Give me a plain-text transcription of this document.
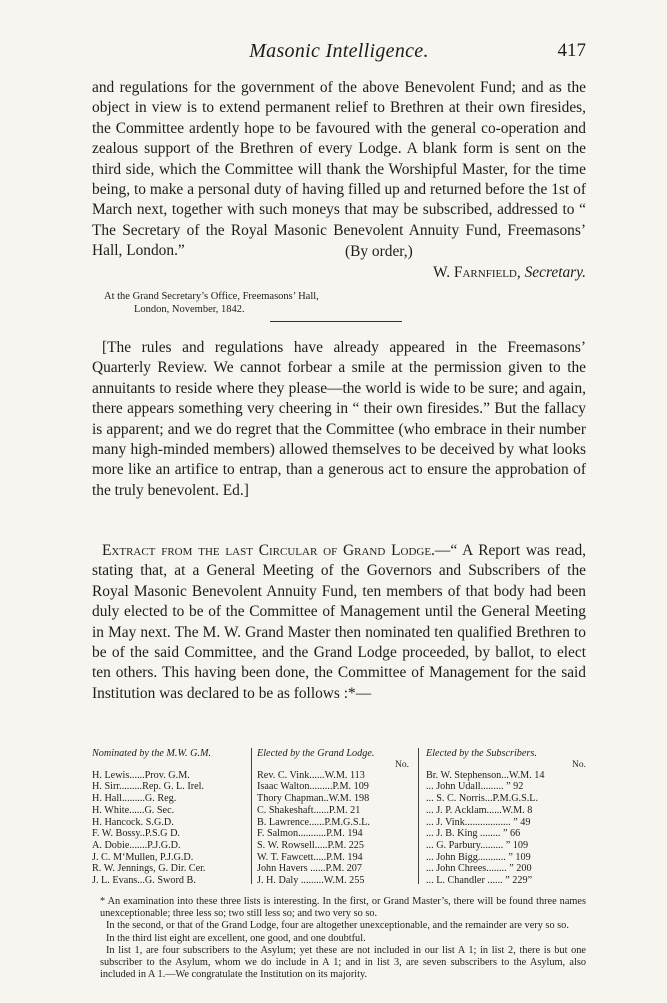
Masonic Intelligence.	417

and regulations for the government of the above Benevolent Fund; and as the object in view is to extend permanent relief to Brethren at their own firesides, the Committee ardently hope to be favoured with the general co-operation and zealous support of the Brethren of every Lodge. A blank form is sent on the third side, which the Committee will thank the Worshipful Master, for the time being, to make a personal duty of having filled up and returned before the 1st of March next, together with such moneys that may be subscribed, addressed to “ The Secretary of the Royal Masonic Benevolent Annuity Fund, Freemasons’ Hall, London.”	(By order,)
W. Farnfield, Secretary.
At the Grand Secretary’s Office, Freemasons’ Hall,
London, November, 1842.

[The rules and regulations have already appeared in the Freemasons’ Quarterly Review. We cannot forbear a smile at the permission given to the annuitants to reside where they please—the world is wide to be sure; and again, there appears something very cheering in “ their own firesides.” But the fallacy is apparent; and we do regret that the Committee (who embrace in their number many high-minded members) allowed themselves to be deceived by what looks more like an artifice to entrap, than a generous act to ensure the approbation of the truly benevolent. Ed.]

Extract from the last Circular of Grand Lodge.—“ A Report was read, stating that, at a General Meeting of the Governors and Subscribers of the Royal Masonic Benevolent Annuity Fund, ten members of that body had been duly elected to be of the Committee of Management until the General Meeting in May next. The M. W. Grand Master then nominated ten qualified Brethren to be of the said Committee, and the Grand Lodge proceeded, by ballot, to elect ten others. This having been done, the Committee of Management for the said Institution was declared to be as follows :*—

Nominated by the M.W. G.M.

H. Lewis......Prov. G.M.
H. Sirr.........Rep. G. L. Irel.
H. Hall.........G. Reg.
H. White......G. Sec.
H. Hancock. S.G.D.
F. W. Bossy..P.S.G D.
A. Dobie.......P.J.G.D.
J. C. M‘Mullen, P.J.G.D.
R. W. Jennings, G. Dir. Cer.
J. L. Evans...G. Sword B.
Elected by the Grand Lodge.
No.
Rev. C. Vink......W.M. 113
Isaac Walton.........P.M. 109
Thory Chapman..W.M. 198
C. Shakeshaft......P.M. 21
B. Lawrence......P.M.G.S.L.
F. Salmon...........P.M. 194
S. W. Rowsell.....P.M. 225
W. T. Fawcett.....P.M. 194
John Havers ......P.M. 207
J. H. Daly .........W.M. 255
Elected by the Subscribers.
No.
Br. W. Stephenson...W.M. 14
... John Udall......... ” 92
... S. C. Norris...P.M.G.S.L.
... J. P. Acklam......W.M. 8
... J. Vink.................. ” 49
... J. B. King ........ ” 66
... G. Parbury......... ” 109
... John Bigg........... ” 109
... John Chrees........ ” 200
... L. Chandler ...... ” 229”

* An examination into these three lists is interesting. In the first, or Grand Master’s, there will be found three names unexceptionable; three less so; two still less so; and two very so so.

In the second, or that of the Grand Lodge, four are altogether unexceptionable, and the remainder are very so so.

In the third list eight are excellent, one good, and one doubtful.

In list 1, are four subscribers to the Asylum; yet these are not included in our list A 1; in list 2, there is but one subscriber to the Asylum, whom we do include in A 1; and in list 3, are seven subscribers to the Asylum, also included in A 1.—We congratulate the Institution on its majority.
